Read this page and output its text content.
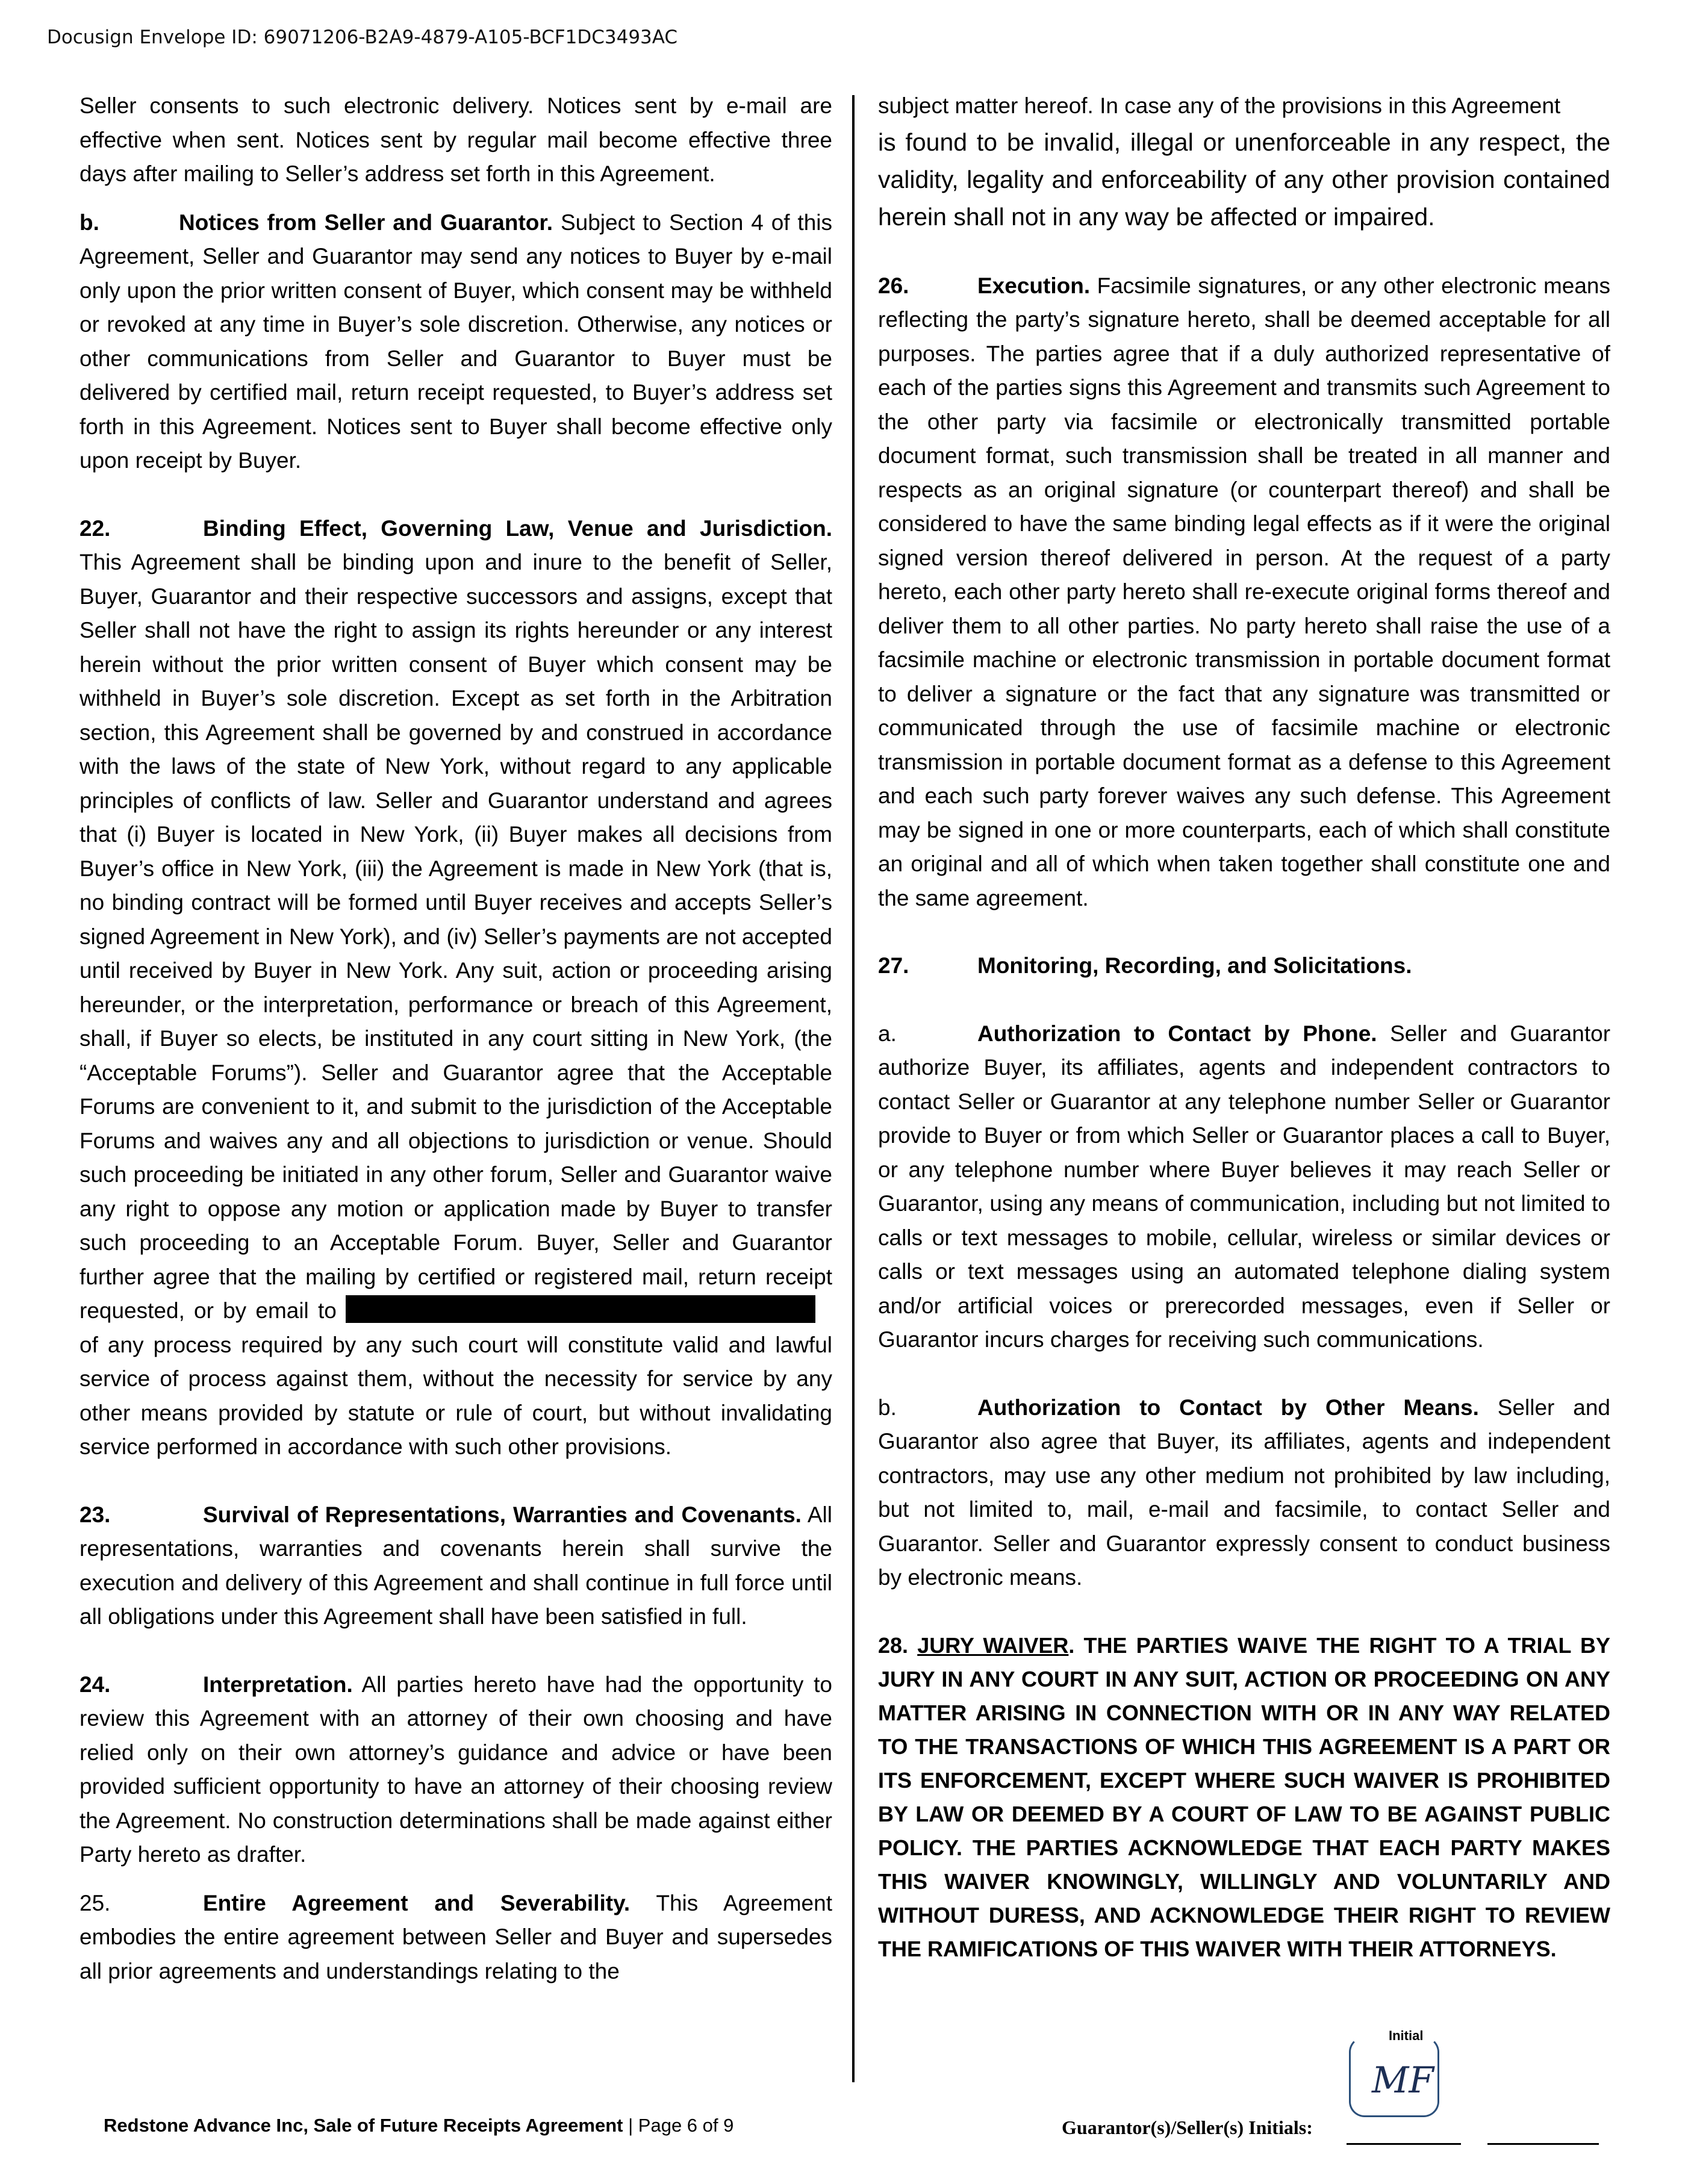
Docusign Envelope ID: 69071206-B2A9-4879-A105-BCF1DC3493AC

Seller consents to such electronic delivery. Notices sent by e-mail are effective when sent. Notices sent by regular mail become effective three days after mailing to Seller’s address set forth in this Agreement.

b.	Notices from Seller and Guarantor. Subject to Section 4 of this Agreement, Seller and Guarantor may send any notices to Buyer by e-mail only upon the prior written consent of Buyer, which consent may be withheld or revoked at any time in Buyer’s sole discretion. Otherwise, any notices or other communications from Seller and Guarantor to Buyer must be delivered by certified mail, return receipt requested, to Buyer’s address set forth in this Agreement. Notices sent to Buyer shall become effective only upon receipt by Buyer.

22.	Binding Effect, Governing Law, Venue and Jurisdiction. This Agreement shall be binding upon and inure to the benefit of Seller, Buyer, Guarantor and their respective successors and assigns, except that Seller shall not have the right to assign its rights hereunder or any interest herein without the prior written consent of Buyer which consent may be withheld in Buyer’s sole discretion. Except as set forth in the Arbitration section, this Agreement shall be governed by and construed in accordance with the laws of the state of New York, without regard to any applicable principles of conflicts of law. Seller and Guarantor understand and agrees that (i) Buyer is located in New York, (ii) Buyer makes all decisions from Buyer’s office in New York, (iii) the Agreement is made in New York (that is, no binding contract will be formed until Buyer receives and accepts Seller’s signed Agreement in New York), and (iv) Seller’s payments are not accepted until received by Buyer in New York. Any suit, action or proceeding arising hereunder, or the interpretation, performance or breach of this Agreement, shall, if Buyer so elects, be instituted in any court sitting in New York, (the “Acceptable Forums”). Seller and Guarantor agree that the Acceptable Forums are convenient to it, and submit to the jurisdiction of the Acceptable Forums and waives any and all objections to jurisdiction or venue. Should such proceeding be initiated in any other forum, Seller and Guarantor waive any right to oppose any motion or application made by Buyer to transfer such proceeding to an Acceptable Forum. Buyer, Seller and Guarantor further agree that the mailing by certified or registered mail, return receipt requested, or by email to of any process required by any such court will constitute valid and lawful service of process against them, without the necessity for service by any other means provided by statute or rule of court, but without invalidating service performed in accordance with such other provisions.

23.	Survival of Representations, Warranties and Covenants. All representations, warranties and covenants herein shall survive the execution and delivery of this Agreement and shall continue in full force until all obligations under this Agreement shall have been satisfied in full.

24.	Interpretation. All parties hereto have had the opportunity to review this Agreement with an attorney of their own choosing and have relied only on their own attorney’s guidance and advice or have been provided sufficient opportunity to have an attorney of their choosing review the Agreement. No construction determinations shall be made against either Party hereto as drafter.

25.	Entire Agreement and Severability. This Agreement embodies the entire agreement between Seller and Buyer and supersedes all prior agreements and understandings relating to the

subject matter hereof. In case any of the provisions in this Agreement

is found to be invalid, illegal or unenforceable in any respect, the validity, legality and enforceability of any other provision contained herein shall not in any way be affected or impaired.

26.	Execution. Facsimile signatures, or any other electronic means reflecting the party’s signature hereto, shall be deemed acceptable for all purposes. The parties agree that if a duly authorized representative of each of the parties signs this Agreement and transmits such Agreement to the other party via facsimile or electronically transmitted portable document format, such transmission shall be treated in all manner and respects as an original signature (or counterpart thereof) and shall be considered to have the same binding legal effects as if it were the original signed version thereof delivered in person. At the request of a party hereto, each other party hereto shall re-execute original forms thereof and deliver them to all other parties. No party hereto shall raise the use of a facsimile machine or electronic transmission in portable document format to deliver a signature or the fact that any signature was transmitted or communicated through the use of facsimile machine or electronic transmission in portable document format as a defense to this Agreement and each such party forever waives any such defense. This Agreement may be signed in one or more counterparts, each of which shall constitute an original and all of which when taken together shall constitute one and the same agreement.

27.	Monitoring, Recording, and Solicitations.

a.	Authorization to Contact by Phone. Seller and Guarantor authorize Buyer, its affiliates, agents and independent contractors to contact Seller or Guarantor at any telephone number Seller or Guarantor provide to Buyer or from which Seller or Guarantor places a call to Buyer, or any telephone number where Buyer believes it may reach Seller or Guarantor, using any means of communication, including but not limited to calls or text messages to mobile, cellular, wireless or similar devices or calls or text messages using an automated telephone dialing system and/or artificial voices or prerecorded messages, even if Seller or Guarantor incurs charges for receiving such communications.

b.	Authorization to Contact by Other Means. Seller and Guarantor also agree that Buyer, its affiliates, agents and independent contractors, may use any other medium not prohibited by law including, but not limited to, mail, e-mail and facsimile, to contact Seller and Guarantor. Seller and Guarantor expressly consent to conduct business by electronic means.

28. JURY WAIVER. THE PARTIES WAIVE THE RIGHT TO A TRIAL BY JURY IN ANY COURT IN ANY SUIT, ACTION OR PROCEEDING ON ANY MATTER ARISING IN CONNECTION WITH OR IN ANY WAY RELATED TO THE TRANSACTIONS OF WHICH THIS AGREEMENT IS A PART OR ITS ENFORCEMENT, EXCEPT WHERE SUCH WAIVER IS PROHIBITED BY LAW OR DEEMED BY A COURT OF LAW TO BE AGAINST PUBLIC POLICY. THE PARTIES ACKNOWLEDGE THAT EACH PARTY MAKES THIS WAIVER KNOWINGLY, WILLINGLY AND VOLUNTARILY AND WITHOUT DURESS, AND ACKNOWLEDGE THEIR RIGHT TO REVIEW THE RAMIFICATIONS OF THIS WAIVER WITH THEIR ATTORNEYS.

Initial
MF
Redstone Advance Inc, Sale of Future Receipts Agreement | Page 6 of 9	Guarantor(s)/Seller(s) Initials:
